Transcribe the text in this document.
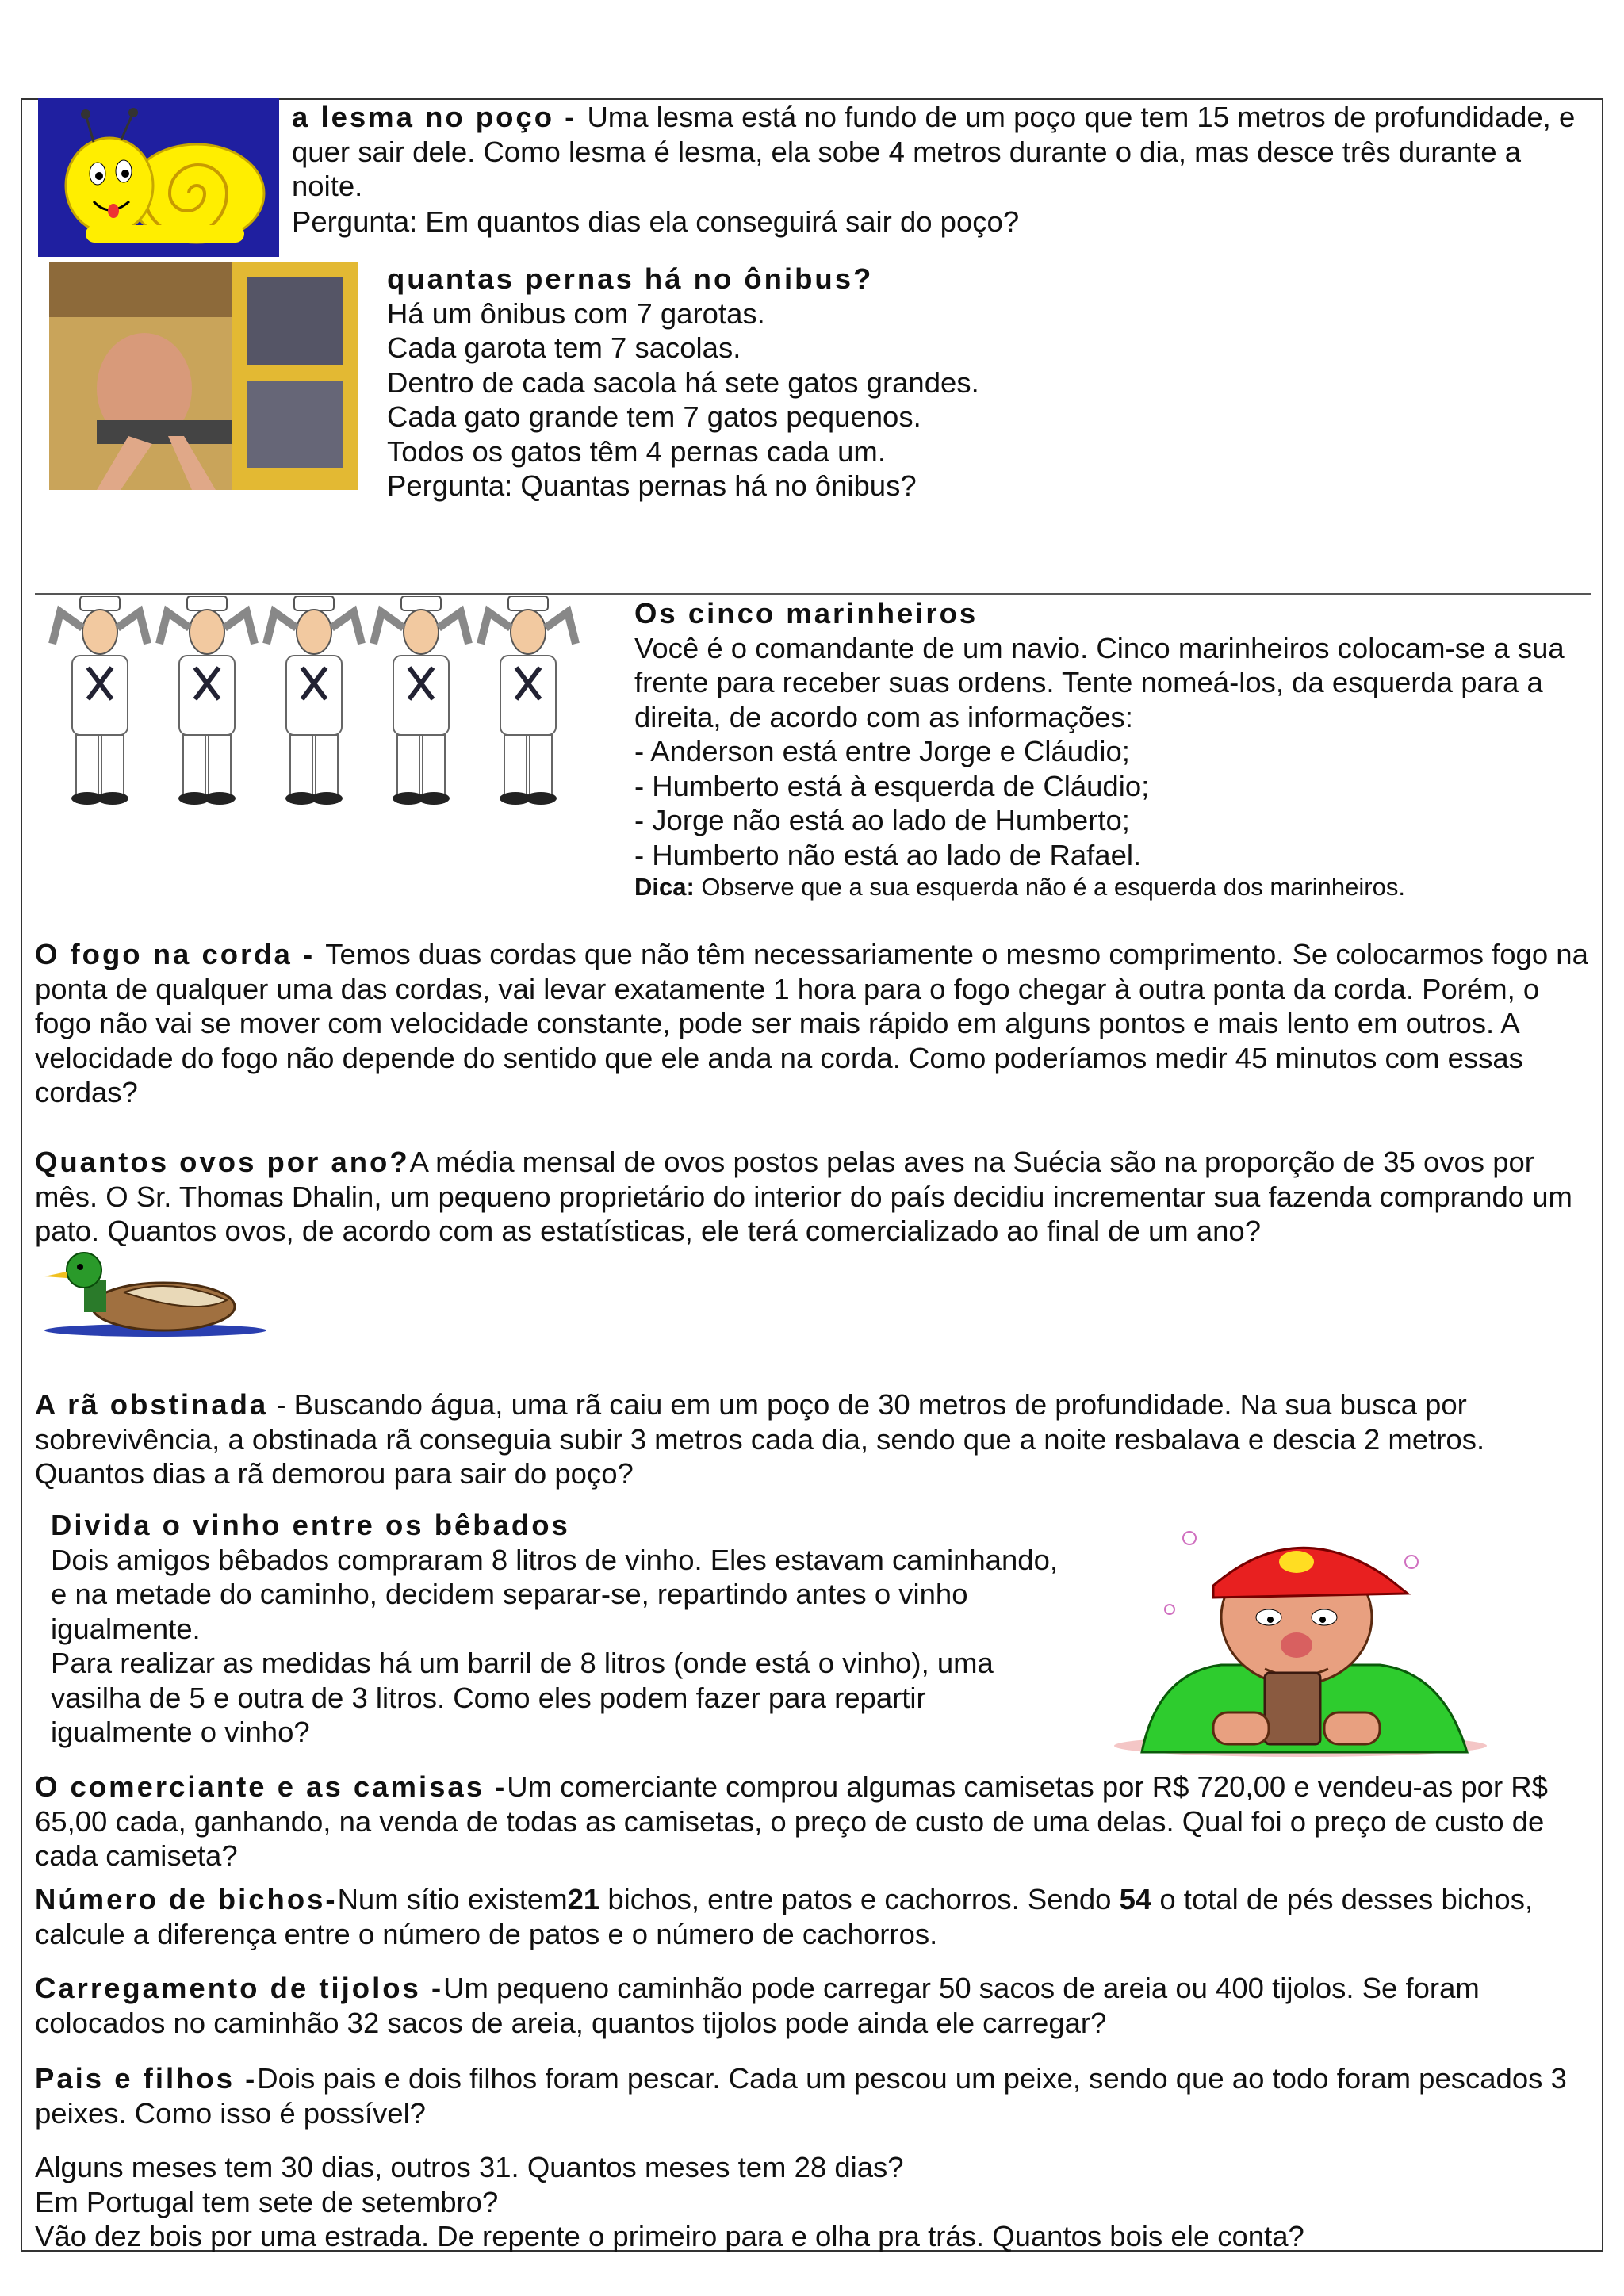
a lesma no poço - Uma lesma está no fundo de um poço que tem 15 metros de profundidade, e quer sair dele. Como lesma é lesma, ela sobe 4 metros durante o dia, mas desce três durante a noite.
Pergunta: Em quantos dias ela conseguirá sair do poço?
quantas pernas há no ônibus?
Há um ônibus com 7 garotas.
Cada garota tem 7 sacolas.
Dentro de cada sacola há sete gatos grandes.
Cada gato grande tem 7 gatos pequenos.
Todos os gatos têm 4 pernas cada um.
Pergunta: Quantas pernas há no ônibus?
Os cinco marinheiros
Você é o comandante de um navio. Cinco marinheiros colocam-se a sua frente para receber suas ordens. Tente nomeá-los, da esquerda para a direita, de acordo com as informações:
- Anderson está entre Jorge e Cláudio;
- Humberto está à esquerda de Cláudio;
- Jorge não está ao lado de Humberto;
- Humberto não está ao lado de Rafael.
Dica: Observe que a sua esquerda não é a esquerda dos marinheiros.
O fogo na corda - Temos duas cordas que não têm necessariamente o mesmo comprimento. Se colocarmos fogo na ponta de qualquer uma das cordas, vai levar exatamente 1 hora para o fogo chegar à outra ponta da corda. Porém, o fogo não vai se mover com velocidade constante, pode ser mais rápido em alguns pontos e mais lento em outros. A velocidade do fogo não depende do sentido que ele anda na corda. Como poderíamos medir 45 minutos com essas cordas?
Quantos ovos por ano?A média mensal de ovos postos pelas aves na Suécia são na proporção de 35 ovos por mês. O Sr. Thomas Dhalin, um pequeno proprietário do interior do país decidiu incrementar sua fazenda comprando um pato. Quantos ovos, de acordo com as estatísticas, ele terá comercializado ao final de um ano?
A rã obstinada - Buscando água, uma rã caiu em um poço de 30 metros de profundidade. Na sua busca por sobrevivência, a obstinada rã conseguia subir 3 metros cada dia, sendo que a noite resbalava e descia 2 metros. Quantos dias a rã demorou para sair do poço?
Divida o vinho entre os bêbados
Dois amigos bêbados compraram 8 litros de vinho. Eles estavam caminhando, e na metade do caminho, decidem separar-se, repartindo antes o vinho igualmente.
Para realizar as medidas há um barril de 8 litros (onde está o vinho), uma vasilha de 5 e outra de 3 litros. Como eles podem fazer para repartir igualmente o vinho?
O comerciante e as camisas -Um comerciante comprou algumas camisetas por R$ 720,00 e vendeu-as por R$ 65,00 cada, ganhando, na venda de todas as camisetas, o preço de custo de uma delas. Qual foi o preço de custo de cada camiseta?
Número de bichos-Num sítio existem21 bichos, entre patos e cachorros. Sendo 54 o total de pés desses bichos, calcule a diferença entre o número de patos e o número de cachorros.
Carregamento de tijolos -Um pequeno caminhão pode carregar 50 sacos de areia ou 400 tijolos. Se foram colocados no caminhão 32 sacos de areia, quantos tijolos pode ainda ele carregar?
Pais e filhos -Dois pais e dois filhos foram pescar. Cada um pescou um peixe, sendo que ao todo foram pescados 3 peixes. Como isso é possível?
Alguns meses tem 30 dias, outros 31. Quantos meses tem 28 dias?
Em Portugal tem sete de setembro?
Vão dez bois por uma estrada. De repente o primeiro para e olha pra trás. Quantos bois ele conta?
